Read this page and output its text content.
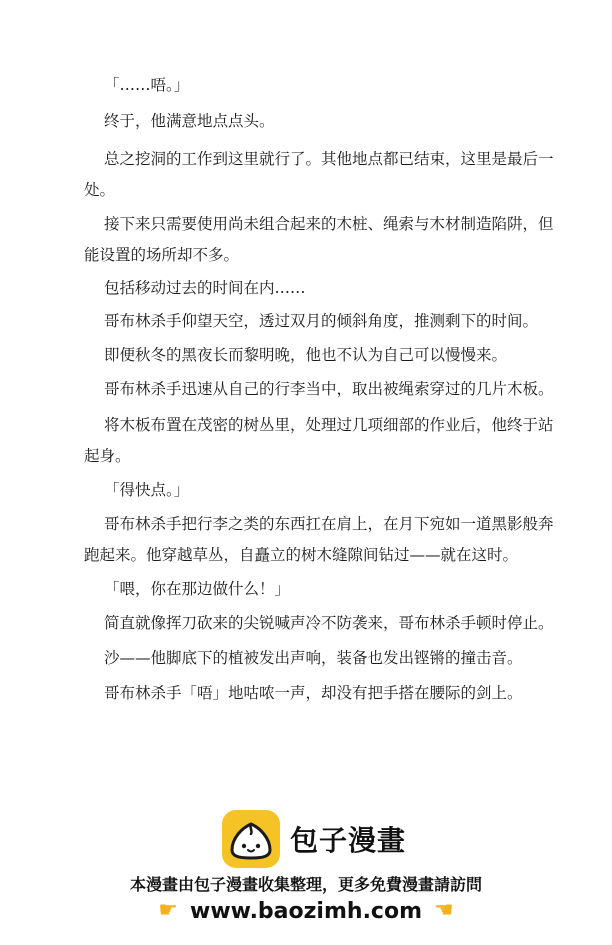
「……唔。」
终于，他满意地点点头。
总之挖洞的工作到这里就行了。其他地点都已结束，这里是最后一
处。
接下来只需要使用尚未组合起来的木桩、绳索与木材制造陷阱，但
能设置的场所却不多。
包括移动过去的时间在内……
哥布林杀手仰望天空，透过双月的倾斜角度，推测剩下的时间。
即便秋冬的黑夜长而黎明晚，他也不认为自己可以慢慢来。
哥布林杀手迅速从自己的行李当中，取出被绳索穿过的几片木板。
将木板布置在茂密的树丛里，处理过几项细部的作业后，他终于站
起身。
「得快点。」
哥布林杀手把行李之类的东西扛在肩上，在月下宛如一道黑影般奔
跑起来。他穿越草丛，自矗立的树木缝隙间钻过——就在这时。
「喂，你在那边做什么！」
简直就像挥刀砍来的尖锐喊声冷不防袭来，哥布林杀手顿时停止。
沙——他脚底下的植被发出声响，装备也发出铿锵的撞击音。
哥布林杀手「唔」地咕哝一声，却没有把手搭在腰际的剑上。
包子漫畫
本漫畫由包子漫畫收集整理，更多免費漫畫請訪問
☛ www.baozimh.com ☚
